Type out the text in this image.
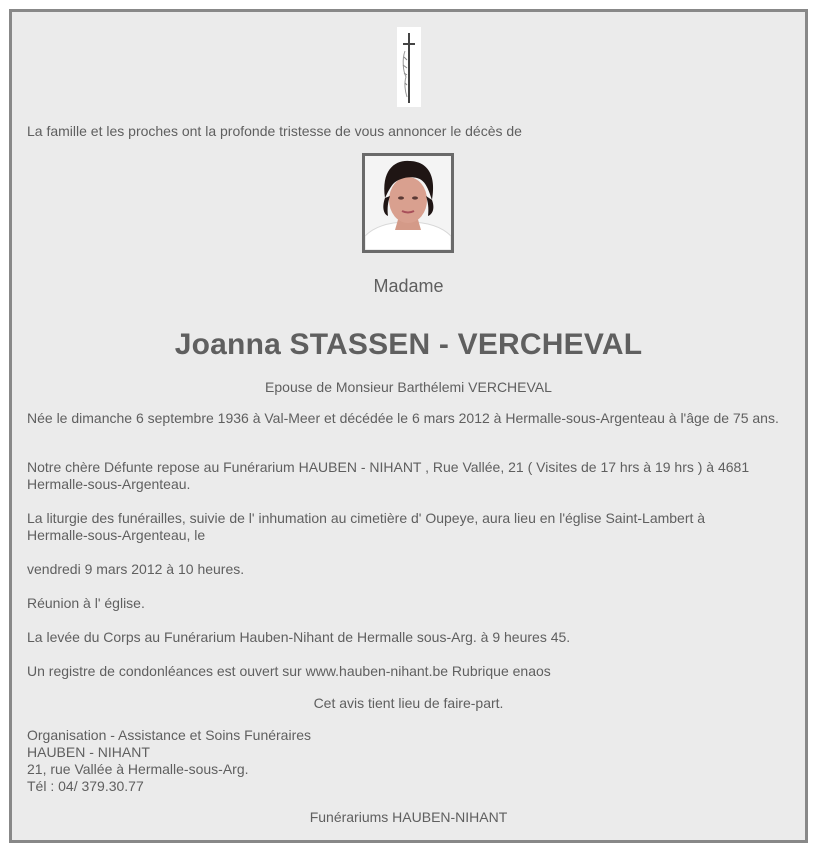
La famille et les proches ont la profonde tristesse de vous annoncer le décès de
Madame
Joanna STASSEN - VERCHEVAL
Epouse de Monsieur Barthélemi VERCHEVAL
Née le dimanche 6 septembre 1936 à Val-Meer et décédée le 6 mars 2012 à Hermalle-sous-Argenteau à l'âge de 75 ans.
Notre chère Défunte repose au Funérarium HAUBEN - NIHANT , Rue Vallée, 21 ( Visites de 17 hrs à 19 hrs ) à 4681 Hermalle-sous-Argenteau.
La liturgie des funérailles, suivie de l' inhumation au cimetière d' Oupeye, aura lieu en l'église Saint-Lambert à Hermalle-sous-Argenteau, le
vendredi 9 mars 2012 à 10 heures.
Réunion à l' église.
La levée du Corps au Funérarium Hauben-Nihant de Hermalle sous-Arg. à 9 heures 45.
Un registre de condonléances est ouvert sur www.hauben-nihant.be Rubrique enaos
Cet avis tient lieu de faire-part.
Organisation - Assistance et Soins Funéraires
HAUBEN - NIHANT
21, rue Vallée à Hermalle-sous-Arg.
Tél : 04/ 379.30.77
Funérariums HAUBEN-NIHANT
